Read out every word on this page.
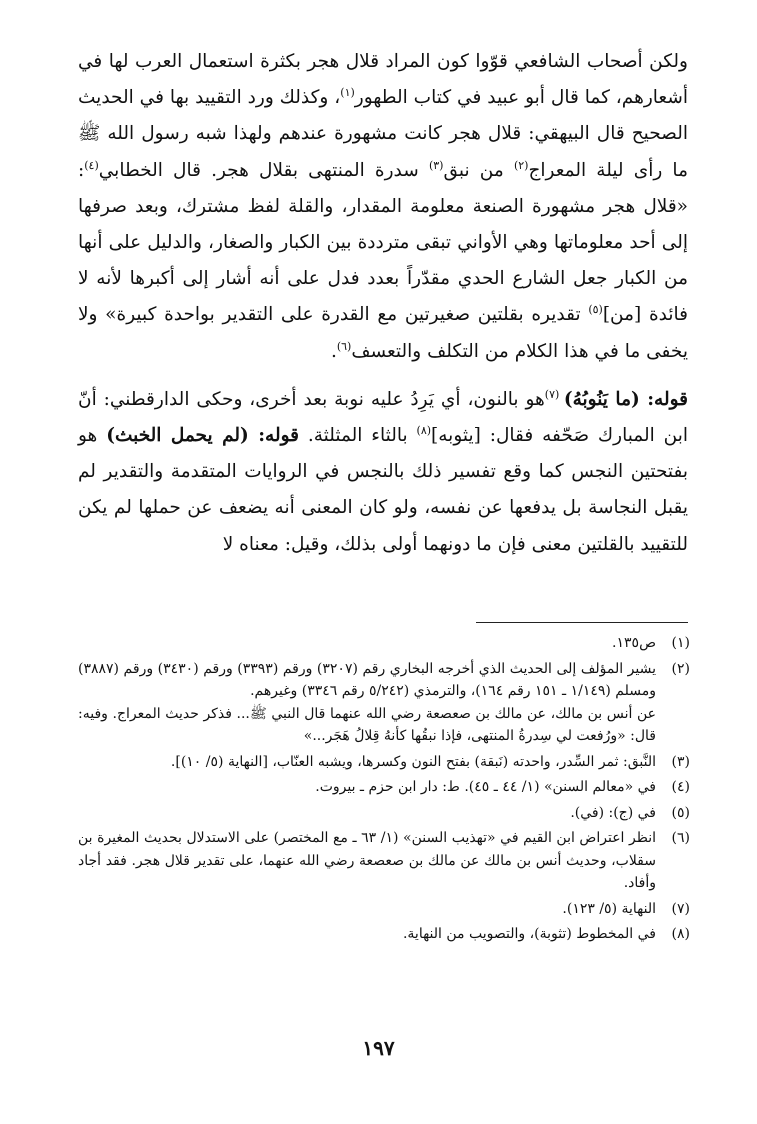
ولكن أصحاب الشافعي قوّوا كون المراد قلال هجر بكثرة استعمال العرب لها في أشعارهم، كما قال أبو عبيد في كتاب الطهور$^{(١)}$، وكذلك ورد التقييد بها في الحديث الصحيح قال البيهقي: قلال هجر كانت مشهورة عندهم ولهذا شبه رسول الله ﷺ ما رأى ليلة المعراج$^{(٢)}$ من نبق$^{(٣)}$ سدرة المنتهى بقلال هجر. قال الخطابي$^{(٤)}$: «قلال هجر مشهورة الصنعة معلومة المقدار، والقلة لفظ مشترك، وبعد صرفها إلى أحد معلوماتها وهي الأواني تبقى مترددة بين الكبار والصغار، والدليل على أنها من الكبار جعل الشارع الحدي مقدّراً بعدد فدل على أنه أشار إلى أكبرها لأنه لا فائدة [من]$^{(٥)}$ تقديره بقلتين صغيرتين مع القدرة على التقدير بواحدة كبيرة» ولا يخفى ما في هذا الكلام من التكلف والتعسف$^{(٦)}$.

قوله: (ما يَنُوبُهُ) $^{(٧)}$هو بالنون، أي يَرِدُ عليه نوبة بعد أخرى، وحكى الدارقطني: أنّ ابن المبارك صَحّفه فقال: [يثوبه]$^{(٨)}$ بالثاء المثلثة. قوله: (لم يحمل الخبث) هو بفتحتين النجس كما وقع تفسير ذلك بالنجس في الروايات المتقدمة والتقدير لم يقبل النجاسة بل يدفعها عن نفسه، ولو كان المعنى أنه يضعف عن حملها لم يكن للتقييد بالقلتين معنى فإن ما دونهما أولى بذلك، وقيل: معناه لا

(١)
ص١٣٥.
(٢)
يشير المؤلف إلى الحديث الذي أخرجه البخاري رقم (٣٢٠٧) ورقم (٣٣٩٣) ورقم (٣٤٣٠) ورقم (٣٨٨٧) ومسلم (١/١٤٩ ـ ١٥١ رقم ١٦٤)، والترمذي (٥/٢٤٢ رقم ٣٣٤٦) وغيرهم.
عن أنس بن مالك، عن مالك بن صعصعة رضي الله عنهما قال النبي ﷺ... فذكر حديث المعراج. وفيه: قال: «ورُفعت لي سِدرةُ المنتهى، فإذا نبقُها كأنهُ قِلالُ هَجَر...»
(٣)
النَّبق: ثمر السِّدر، واحدته (نَبقة) بفتح النون وكسرها، ويشبه العنّاب، [النهاية (٥/ ١٠)].
(٤)
في «معالم السنن» (١/ ٤٤ ـ ٤٥). ط: دار ابن حزم ـ بيروت.
(٥)
في (ج): (في).
(٦)
انظر اعتراض ابن القيم في «تهذيب السنن» (١/ ٦٣ ـ مع المختصر) على الاستدلال بحديث المغيرة بن سقلاب، وحديث أنس بن مالك عن مالك بن صعصعة رضي الله عنهما، على تقدير قلال هجر. فقد أجاد وأفاد.
(٧)
النهاية (٥/ ١٢٣).
(٨)
في المخطوط (تثوبة)، والتصويب من النهاية.
١٩٧
